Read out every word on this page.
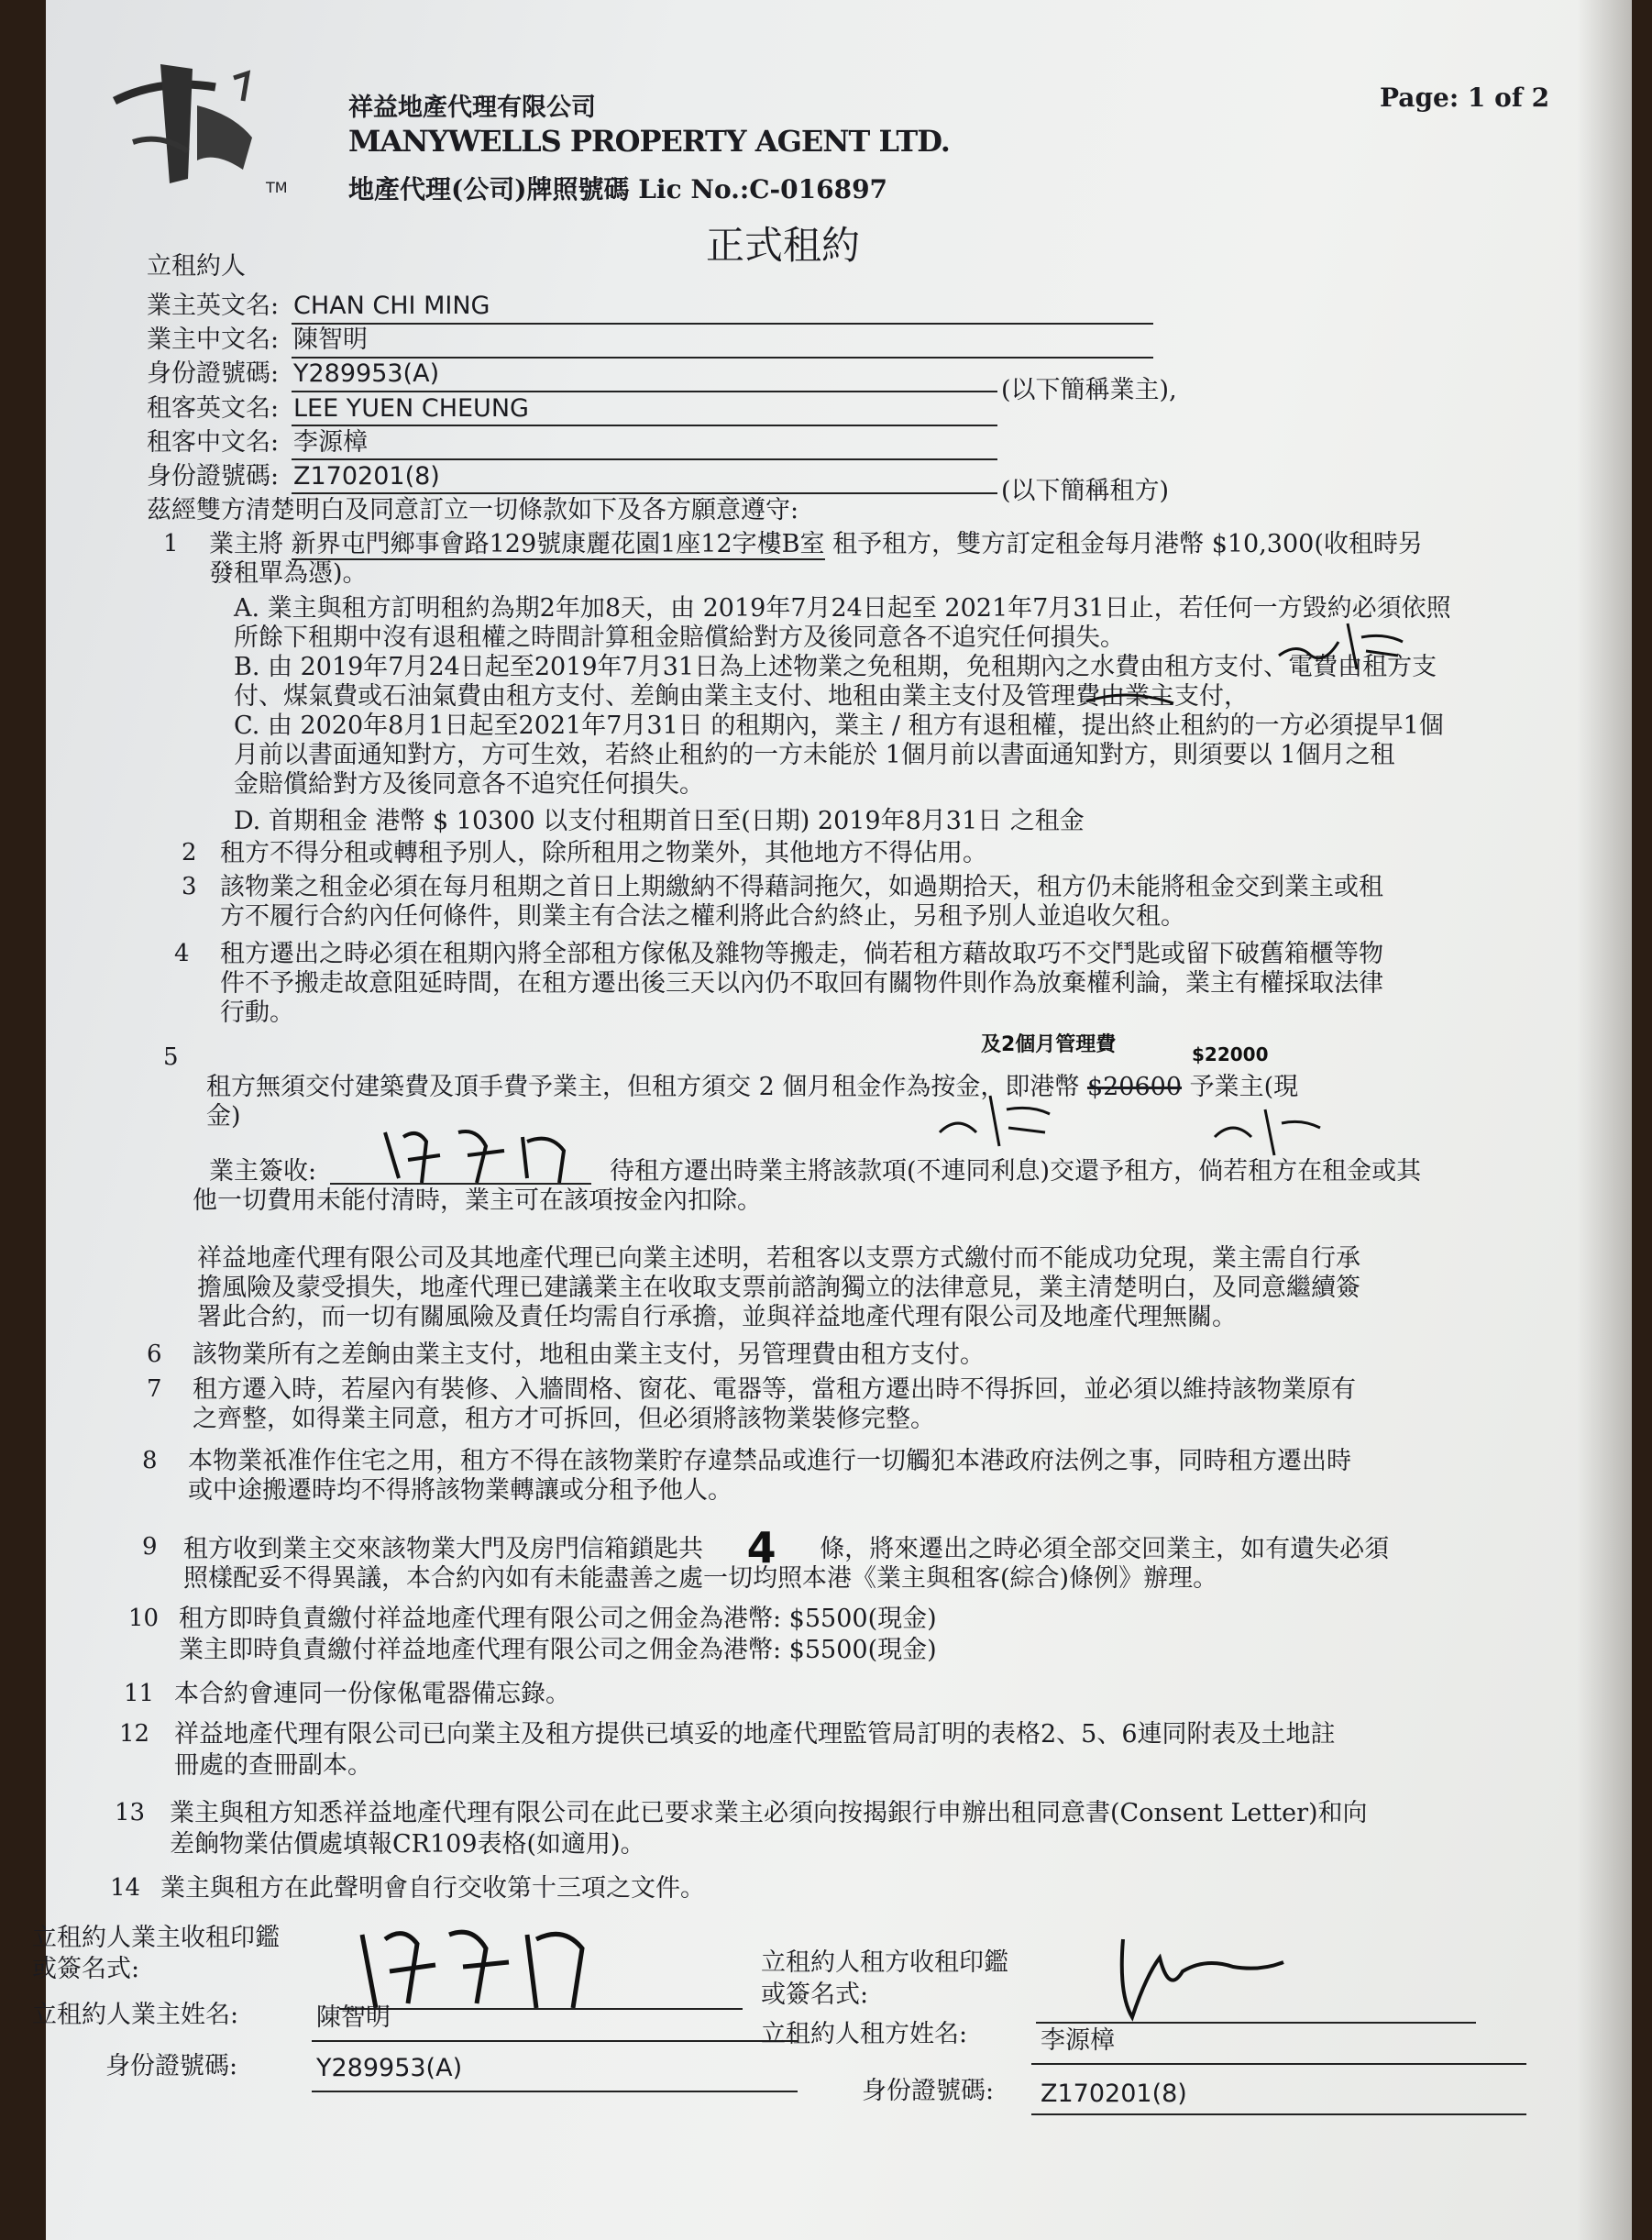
TM
祥益地產代理有限公司
MANYWELLS PROPERTY AGENT LTD.
地產代理(公司)牌照號碼 Lic No.:C-016897
Page: 1 of 2
正式租約
立租約人
業主英文名: CHAN CHI MING
業主中文名: 陳智明
身份證號碼: Y289953(A)
(以下簡稱業主),
租客英文名: LEE YUEN CHEUNG
租客中文名: 李源樟
身份證號碼: Z170201(8)
(以下簡稱租方)
茲經雙方清楚明白及同意訂立一切條款如下及各方願意遵守:
1 業主將 新界屯門鄉事會路129號康麗花園1座12字樓B室 租予租方，雙方訂定租金每月港幣 $10,300(收租時另
發租單為憑)。
A. 業主與租方訂明租約為期2年加8天，由 2019年7月24日起至 2021年7月31日止，若任何一方毀約必須依照
所餘下租期中沒有退租權之時間計算租金賠償給對方及後同意各不追究任何損失。
B. 由 2019年7月24日起至2019年7月31日為上述物業之免租期，免租期內之水費由租方支付、電費由租方支
付、煤氣費或石油氣費由租方支付、差餉由業主支付、地租由業主支付及管理費由業主支付，
C. 由 2020年8月1日起至2021年7月31日 的租期內，業主 / 租方有退租權，提出終止租約的一方必須提早1個
月前以書面通知對方，方可生效，若終止租約的一方未能於 1個月前以書面通知對方，則須要以 1個月之租
金賠償給對方及後同意各不追究任何損失。
D. 首期租金 港幣 $ 10300 以支付租期首日至(日期) 2019年8月31日 之租金
2 租方不得分租或轉租予別人，除所租用之物業外，其他地方不得佔用。
3 該物業之租金必須在每月租期之首日上期繳納不得藉詞拖欠，如過期拾天，租方仍未能將租金交到業主或租
方不履行合約內任何條件，則業主有合法之權利將此合約終止，另租予別人並追收欠租。
4 租方遷出之時必須在租期內將全部租方傢俬及雜物等搬走，倘若租方藉故取巧不交鬥匙或留下破舊箱櫃等物
件不予搬走故意阻延時間，在租方遷出後三天以內仍不取回有關物件則作為放棄權利論，業主有權採取法律
行動。
5	及2個月管理費	$22000
租方無須交付建築費及頂手費予業主，但租方須交 2 個月租金作為按金，即港幣 $20600 予業主(現
金)
業主簽收:	待租方遷出時業主將該款項(不連同利息)交還予租方，倘若租方在租金或其
他一切費用未能付清時，業主可在該項按金內扣除。
祥益地產代理有限公司及其地產代理已向業主述明，若租客以支票方式繳付而不能成功兌現，業主需自行承
擔風險及蒙受損失，地產代理已建議業主在收取支票前諮詢獨立的法律意見，業主清楚明白，及同意繼續簽
署此合約，而一切有關風險及責任均需自行承擔，並與祥益地產代理有限公司及地產代理無關。
6 該物業所有之差餉由業主支付，地租由業主支付，另管理費由租方支付。
7 租方遷入時，若屋內有裝修、入牆間格、窗花、電器等，當租方遷出時不得拆回，並必須以維持該物業原有
之齊整，如得業主同意，租方才可拆回，但必須將該物業裝修完整。
8 本物業祇准作住宅之用，租方不得在該物業貯存違禁品或進行一切觸犯本港政府法例之事，同時租方遷出時
或中途搬遷時均不得將該物業轉讓或分租予他人。
9 租方收到業主交來該物業大門及房門信箱鎖匙共 4 條，將來遷出之時必須全部交回業主，如有遺失必須
照樣配妥不得異議，本合約內如有未能盡善之處一切均照本港《業主與租客(綜合)條例》辦理。
10 租方即時負責繳付祥益地產代理有限公司之佣金為港幣: $5500(現金)
業主即時負責繳付祥益地產代理有限公司之佣金為港幣: $5500(現金)
11 本合約會連同一份傢俬電器備忘錄。
12 祥益地產代理有限公司已向業主及租方提供已填妥的地產代理監管局訂明的表格2、5、6連同附表及土地註
冊處的查冊副本。
13 業主與租方知悉祥益地產代理有限公司在此已要求業主必須向按揭銀行申辦出租同意書(Consent Letter)和向
差餉物業估價處填報CR109表格(如適用)。
14 業主與租方在此聲明會自行交收第十三項之文件。
立租約人業主收租印鑑
或簽名式:
立租約人業主姓名:	陳智明
身份證號碼:	Y289953(A)
立租約人租方收租印鑑
或簽名式:
立租約人租方姓名:	李源樟
身份證號碼: Z170201(8)
